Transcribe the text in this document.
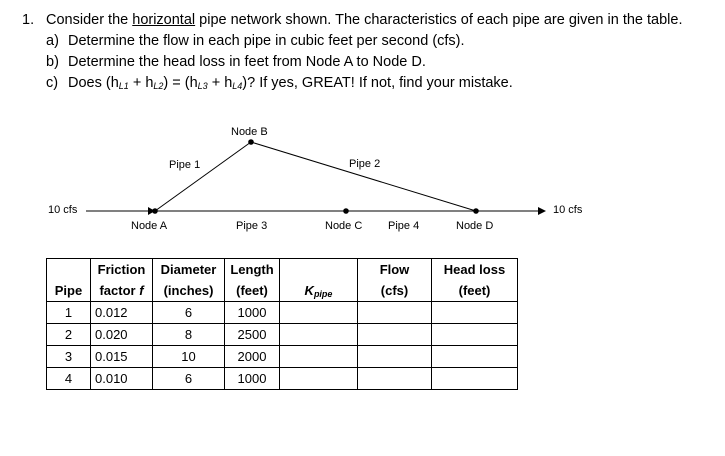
1. Consider the horizontal pipe network shown. The characteristics of each pipe are given in the table.
a) Determine the flow in each pipe in cubic feet per second (cfs).
b) Determine the head loss in feet from Node A to Node D.
c) Does $(h_{L1} + h_{L2}) = (h_{L3} + h_{L4})$? If yes, GREAT! If not, find your mistake.
10 cfs	10 cfs
Node B
Node A	Node C	Node D
Pipe 1	Pipe 2
Pipe 3	Pipe 4
	Friction	Diameter	Length		Flow	Head loss
Pipe	factor f	(inches)	(feet)	$K_{pipe}$	(cfs)	(feet)
1	0.012	6	1000			
2	0.020	8	2500			
3	0.015	10	2000			
4	0.010	6	1000			
